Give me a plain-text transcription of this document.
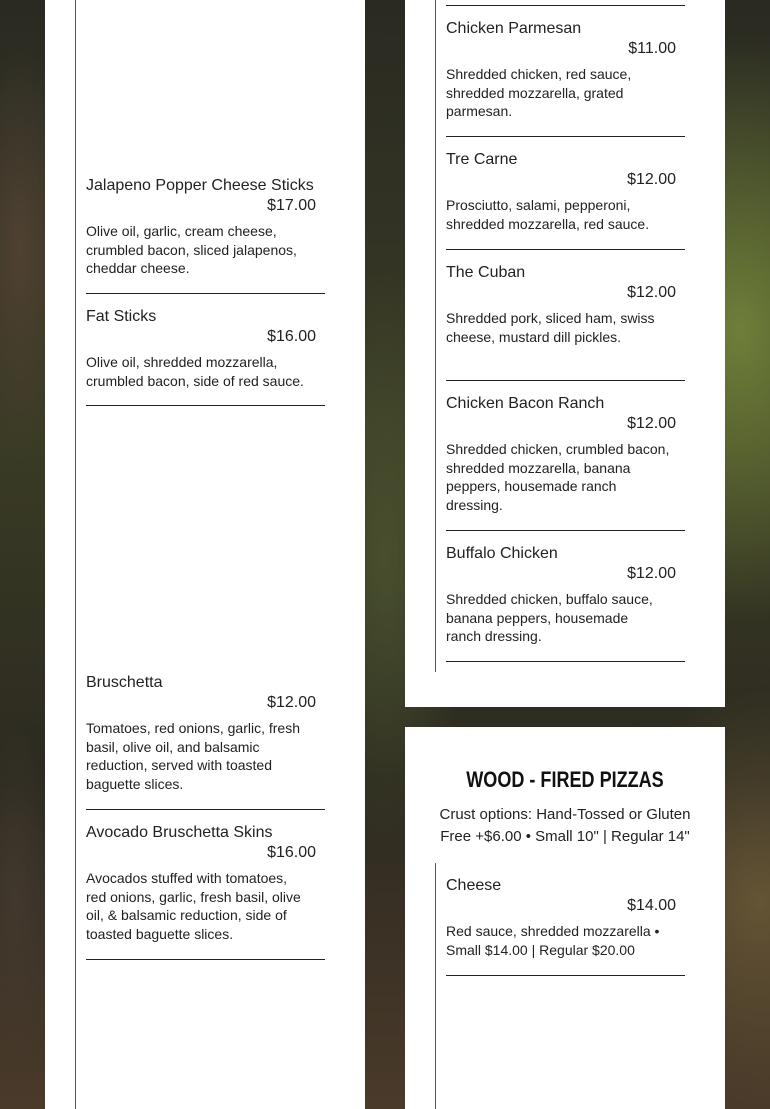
Jalapeno Popper Cheese Sticks
$17.00
Olive oil, garlic, cream cheese, crumbled bacon, sliced jalapenos, cheddar cheese.
Fat Sticks
$16.00
Olive oil, shredded mozzarella, crumbled bacon, side of red sauce.
Bruschetta
$12.00
Tomatoes, red onions, garlic, fresh basil, olive oil, and balsamic reduction, served with toasted baguette slices.
Avocado Bruschetta Skins
$16.00
Avocados stuffed with tomatoes, red onions, garlic, fresh basil, olive oil, & balsamic reduction, side of toasted baguette slices.
Chicken Parmesan
$11.00
Shredded chicken, red sauce, shredded mozzarella, grated parmesan.
Tre Carne
$12.00
Prosciutto, salami, pepperoni, shredded mozzarella, red sauce.
The Cuban
$12.00
Shredded pork, sliced ham, swiss cheese, mustard dill pickles.
Chicken Bacon Ranch
$12.00
Shredded chicken, crumbled bacon, shredded mozzarella, banana peppers, housemade ranch dressing.
Buffalo Chicken
$12.00
Shredded chicken, buffalo sauce, banana peppers, housemade ranch dressing.
WOOD - FIRED PIZZAS
Crust options: Hand-Tossed or Gluten Free +$6.00 • Small 10" | Regular 14"
Cheese
$14.00
Red sauce, shredded mozzarella • Small $14.00 | Regular $20.00
